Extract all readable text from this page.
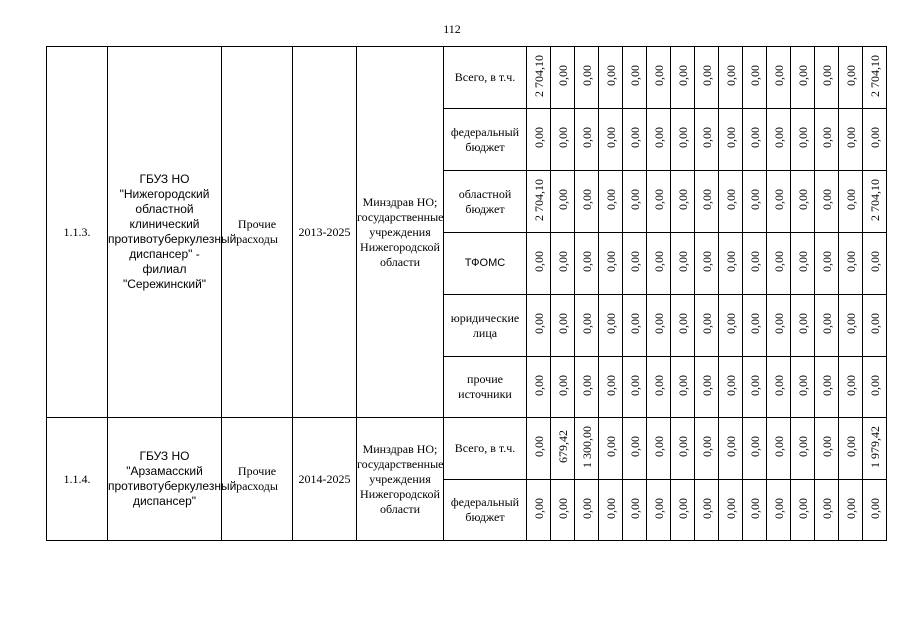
112
1.1.3.	ГБУЗ НО "Нижегородский областной клинический противотуберкулезный диспансер" - филиал "Сережинский"	Прочие расходы	2013-2025	Минздрав НО; государственные учреждения Нижегородской области	Всего, в т.ч.	2 704,10	0,00	0,00	0,00	0,00	0,00	0,00	0,00	0,00	0,00	0,00	0,00	0,00	0,00	2 704,10
					федеральный бюджет	0,00	0,00	0,00	0,00	0,00	0,00	0,00	0,00	0,00	0,00	0,00	0,00	0,00	0,00	0,00
					областной бюджет	2 704,10	0,00	0,00	0,00	0,00	0,00	0,00	0,00	0,00	0,00	0,00	0,00	0,00	0,00	2 704,10
					ТФОМС	0,00	0,00	0,00	0,00	0,00	0,00	0,00	0,00	0,00	0,00	0,00	0,00	0,00	0,00	0,00
					юридические лица	0,00	0,00	0,00	0,00	0,00	0,00	0,00	0,00	0,00	0,00	0,00	0,00	0,00	0,00	0,00
					прочие источники	0,00	0,00	0,00	0,00	0,00	0,00	0,00	0,00	0,00	0,00	0,00	0,00	0,00	0,00	0,00
1.1.4.	ГБУЗ НО "Арзамасский противотуберкулезный диспансер"	Прочие расходы	2014-2025	Минздрав НО; государственные учреждения Нижегородской области	Всего, в т.ч.	0,00	679,42	1 300,00	0,00	0,00	0,00	0,00	0,00	0,00	0,00	0,00	0,00	0,00	0,00	1 979,42
					федеральный бюджет	0,00	0,00	0,00	0,00	0,00	0,00	0,00	0,00	0,00	0,00	0,00	0,00	0,00	0,00	0,00
